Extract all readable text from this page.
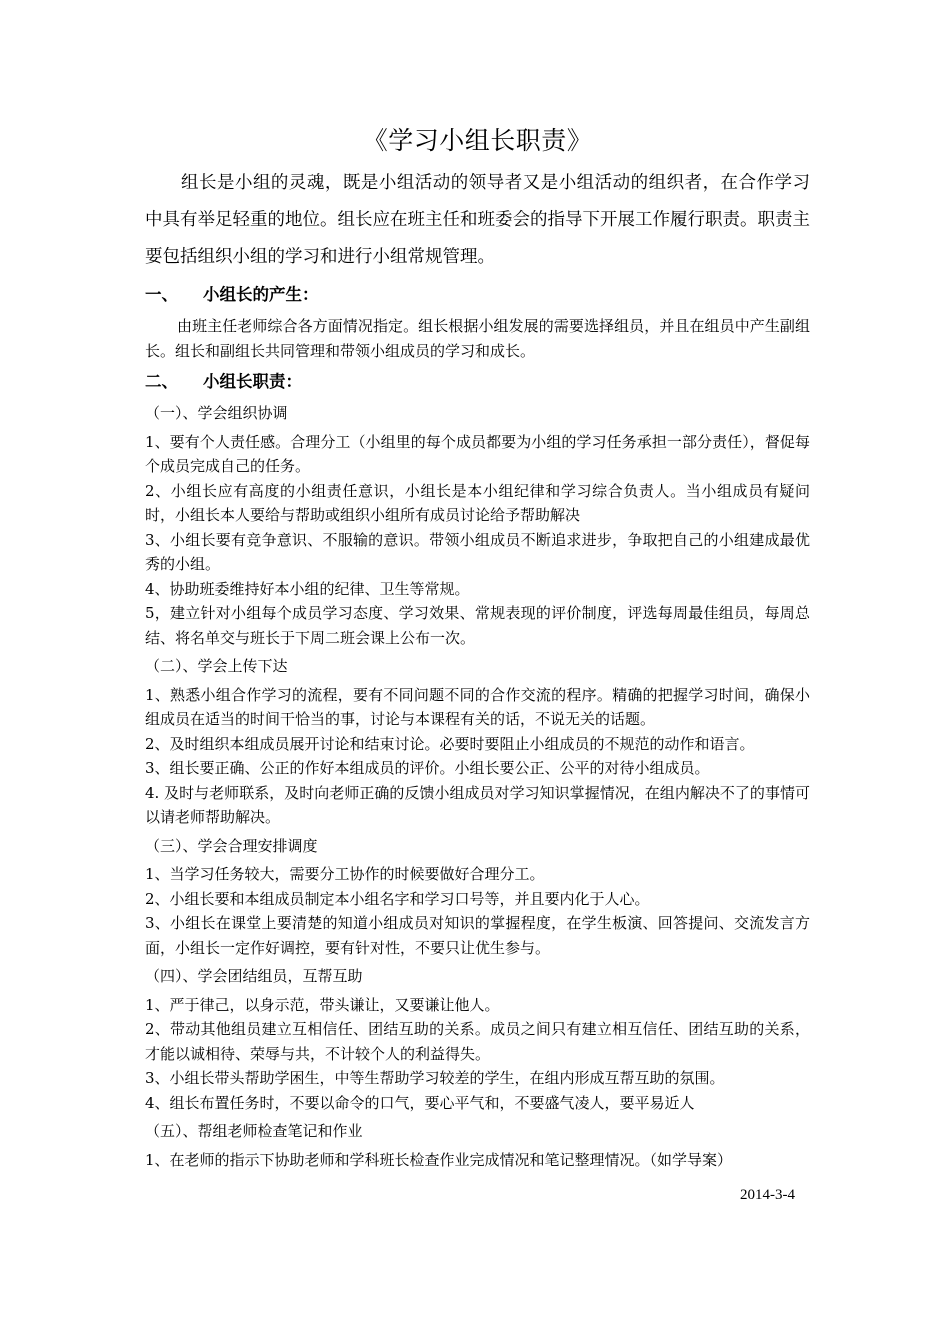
《学习小组长职责》

组长是小组的灵魂，既是小组活动的领导者又是小组活动的组织者，在合作学习中具有举足轻重的地位。组长应在班主任和班委会的指导下开展工作履行职责。职责主要包括组织小组的学习和进行小组常规管理。

一、 小组长的产生：

由班主任老师综合各方面情况指定。组长根据小组发展的需要选择组员，并且在组员中产生副组长。组长和副组长共同管理和带领小组成员的学习和成长。

二、 小组长职责：
（一）、学会组织协调

1、要有个人责任感。合理分工（小组里的每个成员都要为小组的学习任务承担一部分责任），督促每个成员完成自己的任务。

2、小组长应有高度的小组责任意识，小组长是本小组纪律和学习综合负责人。当小组成员有疑问时，小组长本人要给与帮助或组织小组所有成员讨论给予帮助解决

3、小组长要有竞争意识、不服输的意识。带领小组成员不断追求进步，争取把自己的小组建成最优秀的小组。

4、协助班委维持好本小组的纪律、卫生等常规。

5，建立针对小组每个成员学习态度、学习效果、常规表现的评价制度，评选每周最佳组员，每周总结、将名单交与班长于下周二班会课上公布一次。

（二）、学会上传下达

1、熟悉小组合作学习的流程，要有不同问题不同的合作交流的程序。精确的把握学习时间，确保小组成员在适当的时间干恰当的事，讨论与本课程有关的话，不说无关的话题。

2、及时组织本组成员展开讨论和结束讨论。必要时要阻止小组成员的不规范的动作和语言。

3、组长要正确、公正的作好本组成员的评价。小组长要公正、公平的对待小组成员。

4. 及时与老师联系，及时向老师正确的反馈小组成员对学习知识掌握情况，在组内解决不了的事情可以请老师帮助解决。

（三）、学会合理安排调度

1、当学习任务较大，需要分工协作的时候要做好合理分工。

2、小组长要和本组成员制定本小组名字和学习口号等，并且要内化于人心。

3、小组长在课堂上要清楚的知道小组成员对知识的掌握程度，在学生板演、回答提问、交流发言方面，小组长一定作好调控，要有针对性，不要只让优生参与。

（四）、学会团结组员，互帮互助

1、严于律己，以身示范，带头谦让，又要谦让他人。

2、带动其他组员建立互相信任、团结互助的关系。成员之间只有建立相互信任、团结互助的关系，才能以诚相待、荣辱与共，不计较个人的利益得失。

3、小组长带头帮助学困生，中等生帮助学习较差的学生，在组内形成互帮互助的氛围。

4、组长布置任务时，不要以命令的口气，要心平气和，不要盛气凌人，要平易近人

（五）、帮组老师检查笔记和作业

1、在老师的指示下协助老师和学科班长检查作业完成情况和笔记整理情况。（如学导案）

2014-3-4
